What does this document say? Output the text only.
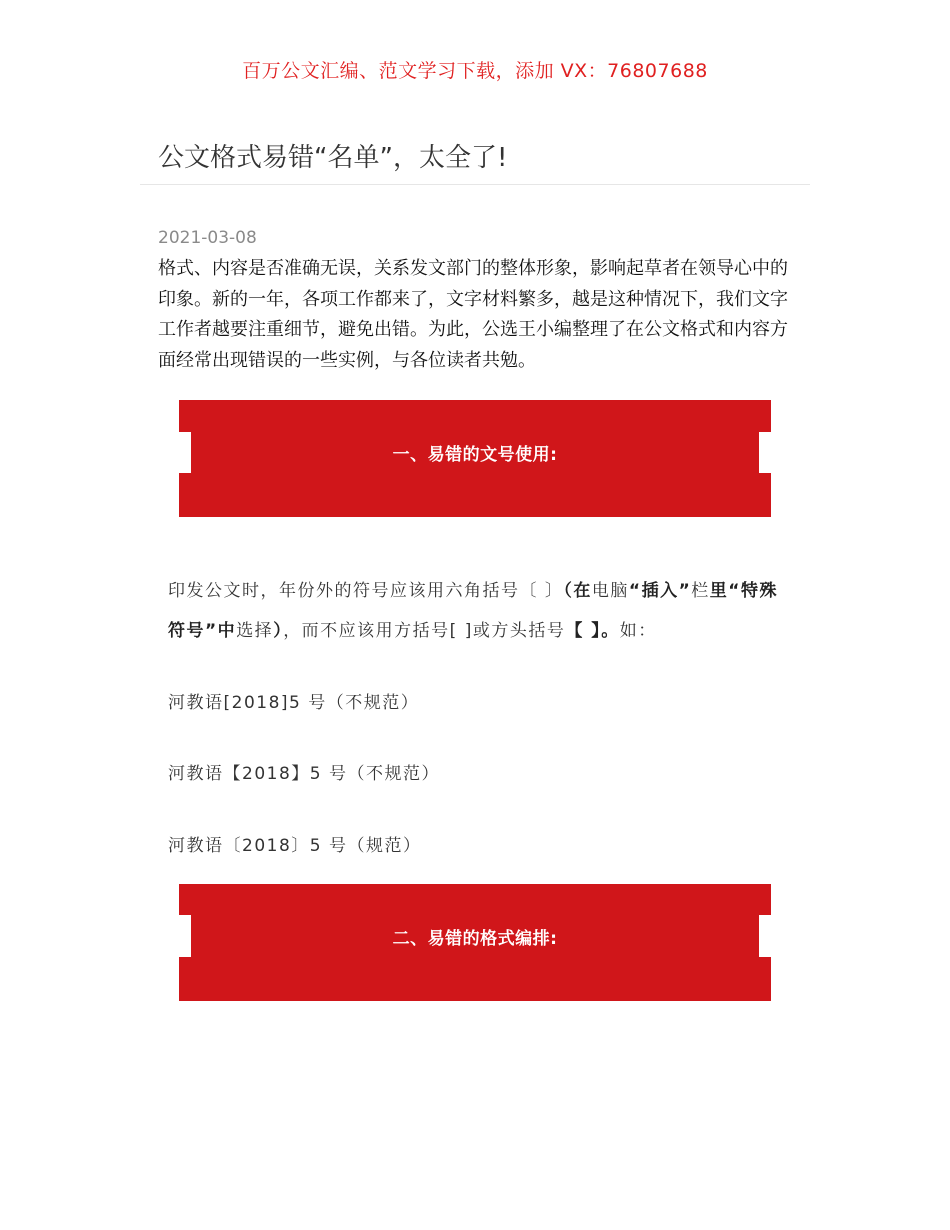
百万公文汇编、范文学习下载，添加 VX：76807688
公文格式易错“名单”，太全了!
2021-03-08

格式、内容是否准确无误，关系发文部门的整体形象，影响起草者在领导心中的印象。新的一年，各项工作都来了，文字材料繁多，越是这种情况下，我们文字工作者越要注重细节，避免出错。为此，公选王小编整理了在公文格式和内容方面经常出现错误的一些实例，与各位读者共勉。

一、易错的文号使用:

印发公文时，年份外的符号应该用六角括号〔 〕（在电脑“插入”栏里“特殊符号”中选择），而不应该用方括号[ ]或方头括号【 】。如：

河教语[2018]5 号（不规范）

河教语【2018】5 号（不规范）

河教语〔2018〕5 号（规范）

二、易错的格式编排:
